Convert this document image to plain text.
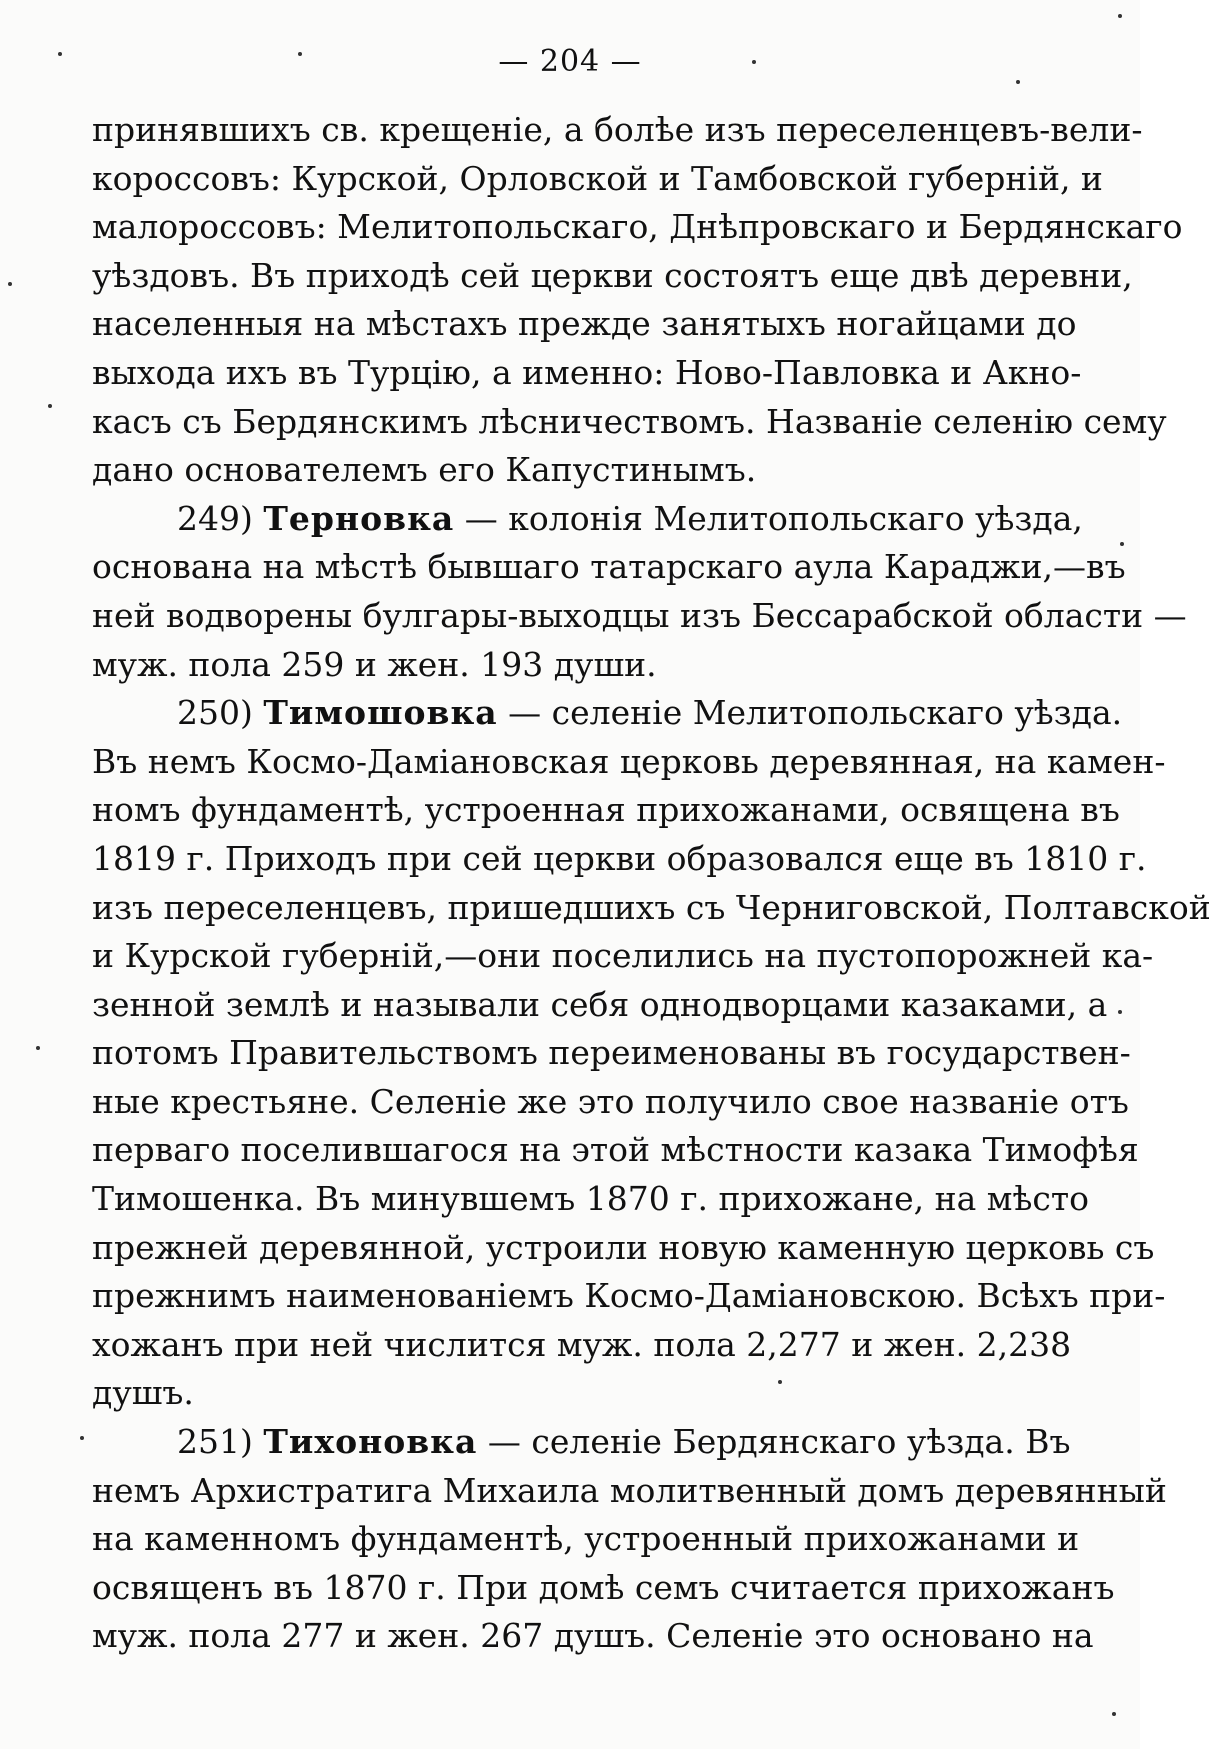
— 204 —
принявшихъ св. крещеніе, а болѣе изъ переселенцевъ-вели-
короссовъ: Курской, Орловской и Тамбовской губерній, и
малороссовъ: Мелитопольскаго, Днѣпровскаго и Бердянскаго
уѣздовъ. Въ приходѣ сей церкви состоятъ еще двѣ деревни,
населенныя на мѣстахъ прежде занятыхъ ногайцами до
выхода ихъ въ Турцію, а именно: Ново-Павловка и Акно-
касъ съ Бердянскимъ лѣсничествомъ. Названіе селенію сему
дано основателемъ его Капустинымъ.
249) Терновка — колонія Мелитопольскаго уѣзда,
основана на мѣстѣ бывшаго татарскаго аула Караджи,—въ
ней водворены булгары-выходцы изъ Бессарабской области —
муж. пола 259 и жен. 193 души.
250) Тимошовка — селеніе Мелитопольскаго уѣзда.
Въ немъ Космо-Даміановская церковь деревянная, на камен-
номъ фундаментѣ, устроенная прихожанами, освящена въ
1819 г. Приходъ при сей церкви образовался еще въ 1810 г.
изъ переселенцевъ, пришедшихъ съ Черниговской, Полтавской
и Курской губерній,—они поселились на пустопорожней ка-
зенной землѣ и называли себя однодворцами казаками, а
потомъ Правительствомъ переименованы въ государствен-
ные крестьяне. Селеніе же это получило свое названіе отъ
перваго поселившагося на этой мѣстности казака Тимофѣя
Тимошенка. Въ минувшемъ 1870 г. прихожане, на мѣсто
прежней деревянной, устроили новую каменную церковь съ
прежнимъ наименованіемъ Космо-Даміановскою. Всѣхъ при-
хожанъ при ней числится муж. пола 2,277 и жен. 2,238
душъ.
251) Тихоновка — селеніе Бердянскаго уѣзда. Въ
немъ Архистратига Михаила молитвенный домъ деревянный
на каменномъ фундаментѣ, устроенный прихожанами и
освященъ въ 1870 г. При домѣ семъ считается прихожанъ
муж. пола 277 и жен. 267 душъ. Селеніе это основано на
